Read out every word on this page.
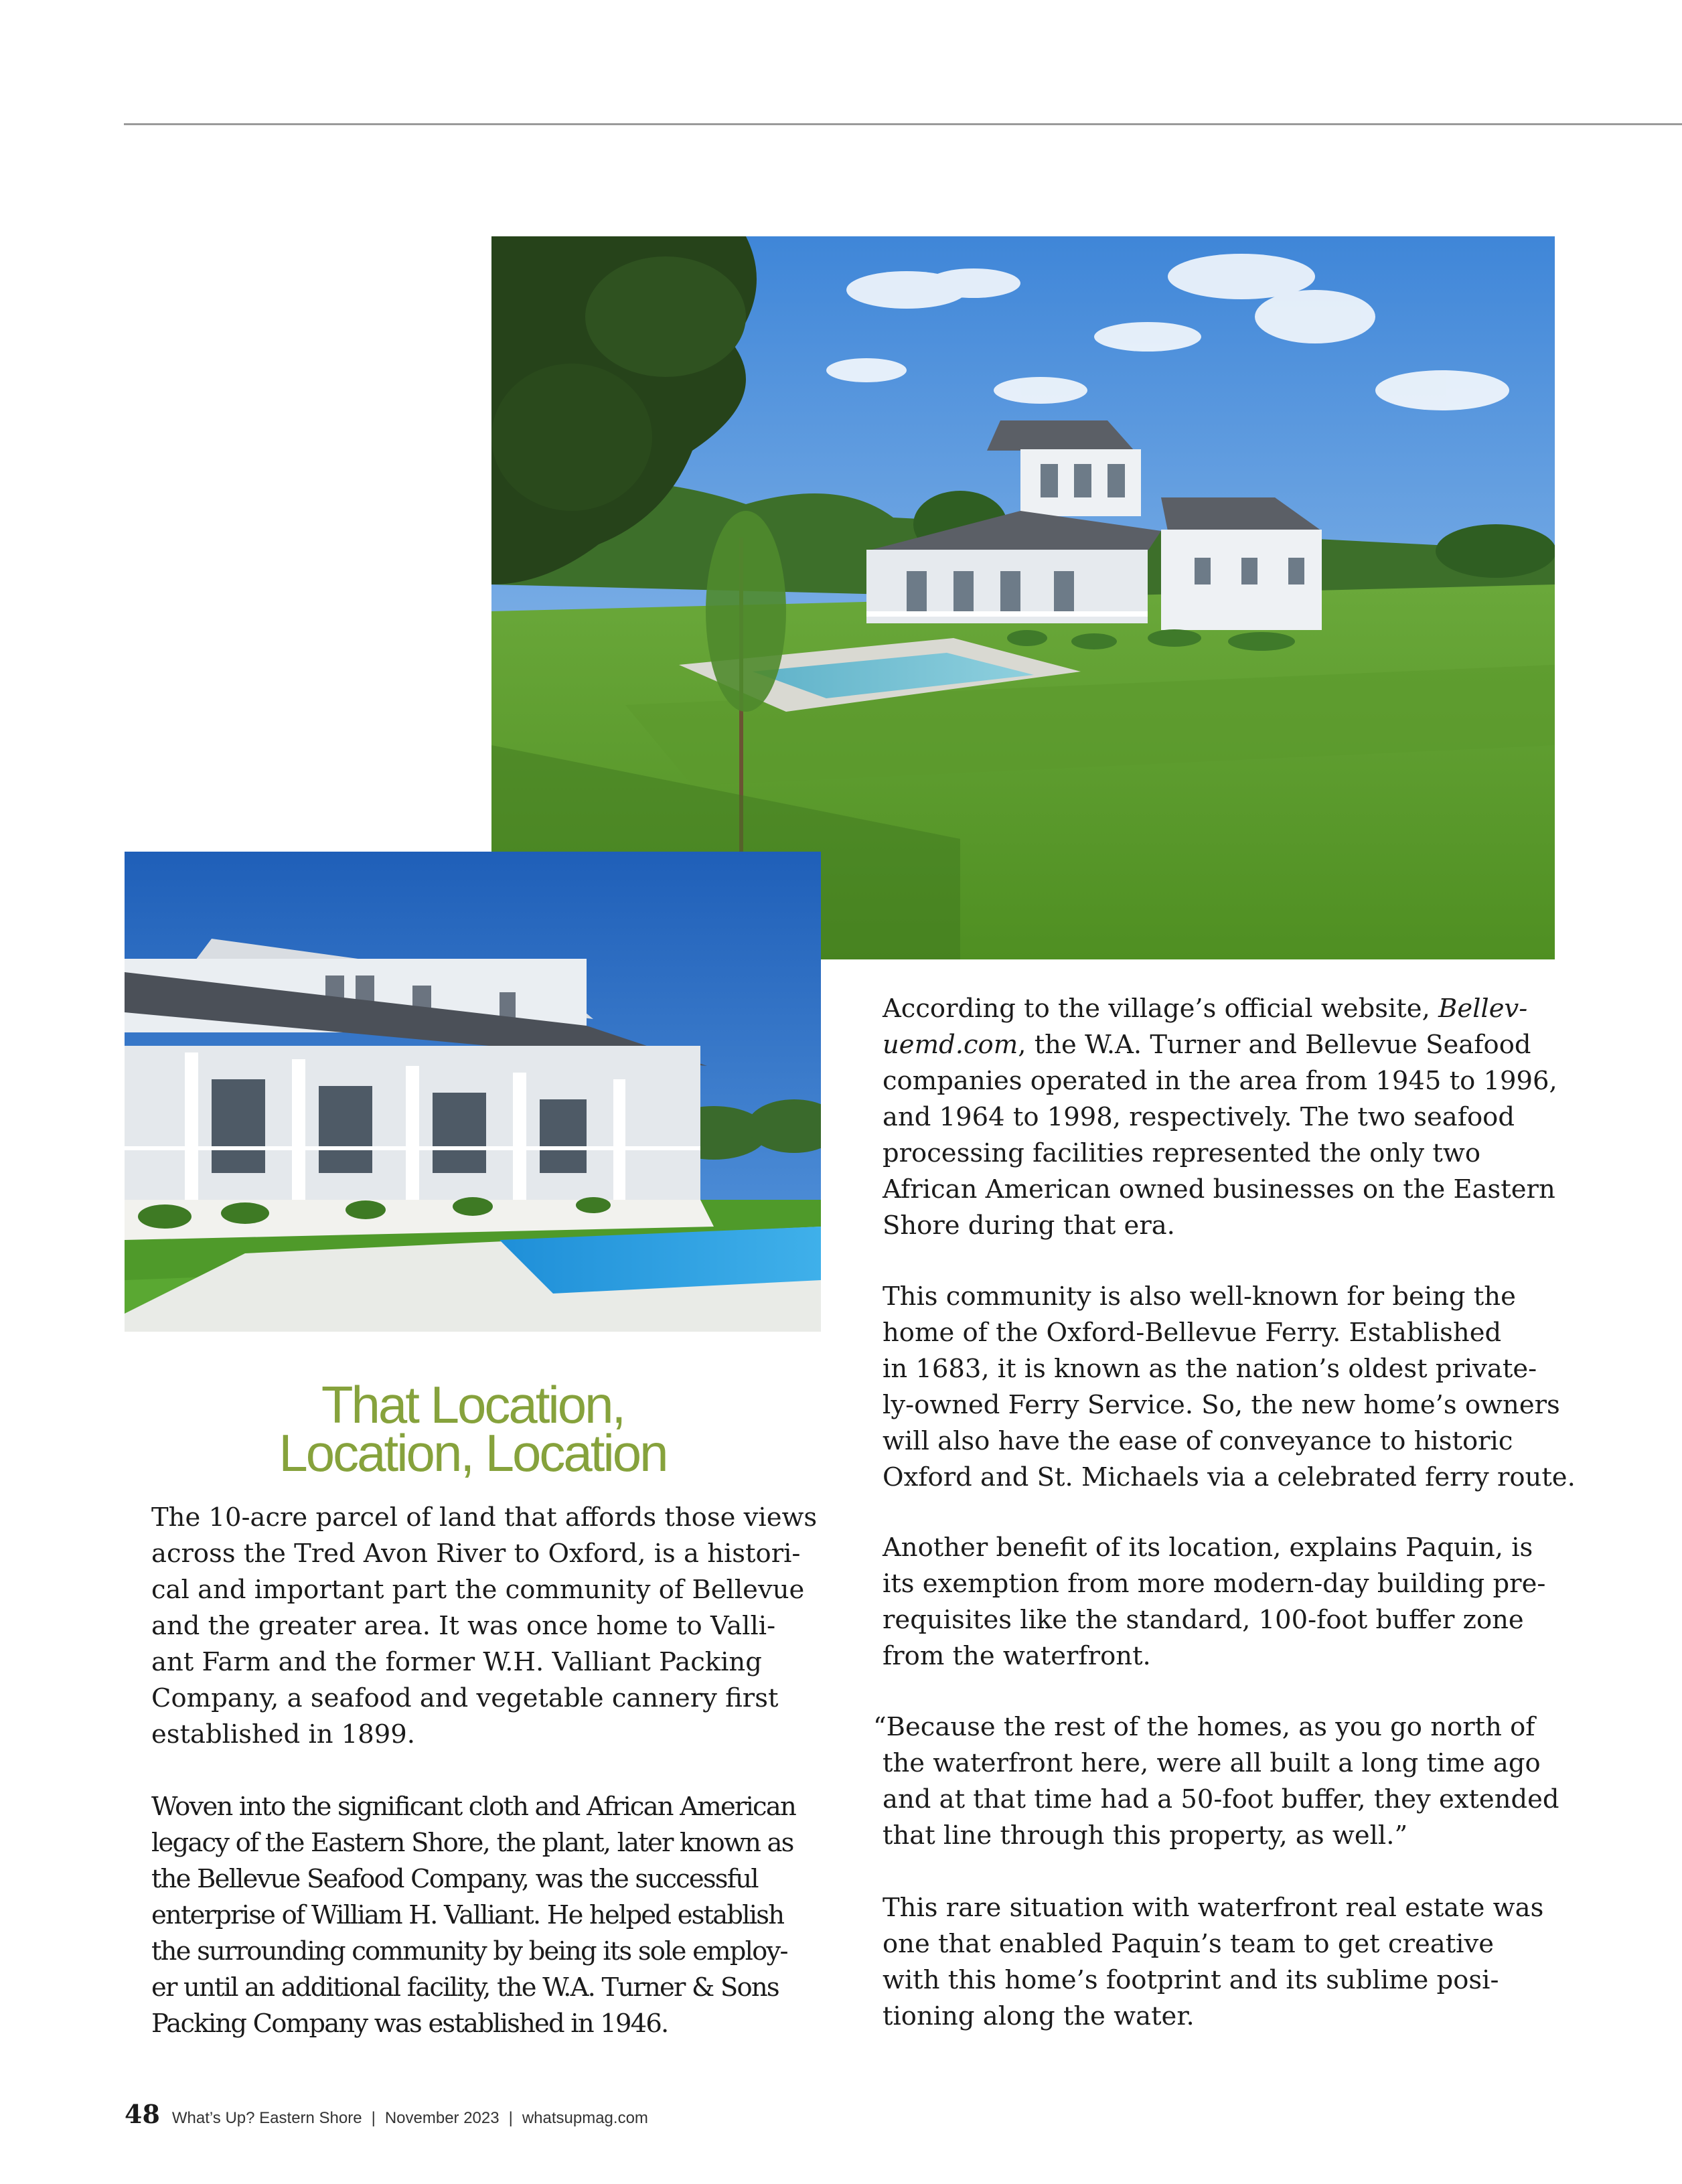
That Location,
Location, Location

The 10-acre parcel of land that affords those views
across the Tred Avon River to Oxford, is a histori-
cal and important part the community of Bellevue
and the greater area. It was once home to Valli-
ant Farm and the former W.H. Valliant Packing
Company, a seafood and vegetable cannery first
established in 1899.

Woven into the significant cloth and African American
legacy of the Eastern Shore, the plant, later known as
the Bellevue Seafood Company, was the successful
enterprise of William H. Valliant. He helped establish
the surrounding community by being its sole employ-
er until an additional facility, the W.A. Turner & Sons
Packing Company was established in 1946.

According to the village’s official website, Bellev-
uemd.com, the W.A. Turner and Bellevue Seafood
companies operated in the area from 1945 to 1996,
and 1964 to 1998, respectively. The two seafood
processing facilities represented the only two
African American owned businesses on the Eastern
Shore during that era.

This community is also well-known for being the
home of the Oxford-Bellevue Ferry. Established
in 1683, it is known as the nation’s oldest private-
ly-owned Ferry Service. So, the new home’s owners
will also have the ease of conveyance to historic
Oxford and St. Michaels via a celebrated ferry route.

Another benefit of its location, explains Paquin, is
its exemption from more modern-day building pre-
requisites like the standard, 100-foot buffer zone
from the waterfront.

“Because the rest of the homes, as you go north of
the waterfront here, were all built a long time ago
and at that time had a 50-foot buffer, they extended
that line through this property, as well.”

This rare situation with waterfront real estate was
one that enabled Paquin’s team to get creative
with this home’s footprint and its sublime posi-
tioning along the water.

48 What’s Up? Eastern Shore | November 2023 | whatsupmag.com
